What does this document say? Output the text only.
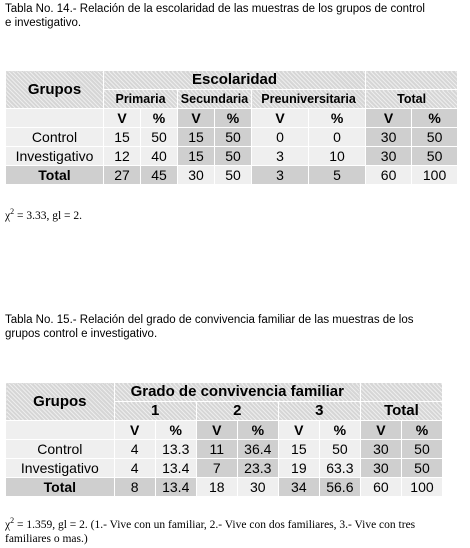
Tabla No. 14.- Relación de la escolaridad de las muestras de los grupos de control e investigativo.
Grupos	Escolaridad							
	Primaria		Secundaria		Preuniversitaria		Total	
	V	%	V	%	V	%	V	%
Control	15	50	15	50	0	0	30	50
Investigativo	12	40	15	50	3	10	30	50
Total	27	45	30	50	3	5	60	100
$\chi^2 = 3.33$, gl = 2.
Tabla No. 15.- Relación del grado de convivencia familiar de las muestras de los grupos control e investigativo.
Grupos	Grado de convivencia familiar							
	1		2		3		Total	
	V	%	V	%	V	%	V	%
Control	4	13.3	11	36.4	15	50	30	50
Investigativo	4	13.4	7	23.3	19	63.3	30	50
Total	8	13.4	18	30	34	56.6	60	100
$\chi^2 = 1.359$, gl = 2. (1.- Vive con un familiar, 2.- Vive con dos familiares, 3.- Vive con tres familiares o mas.)
